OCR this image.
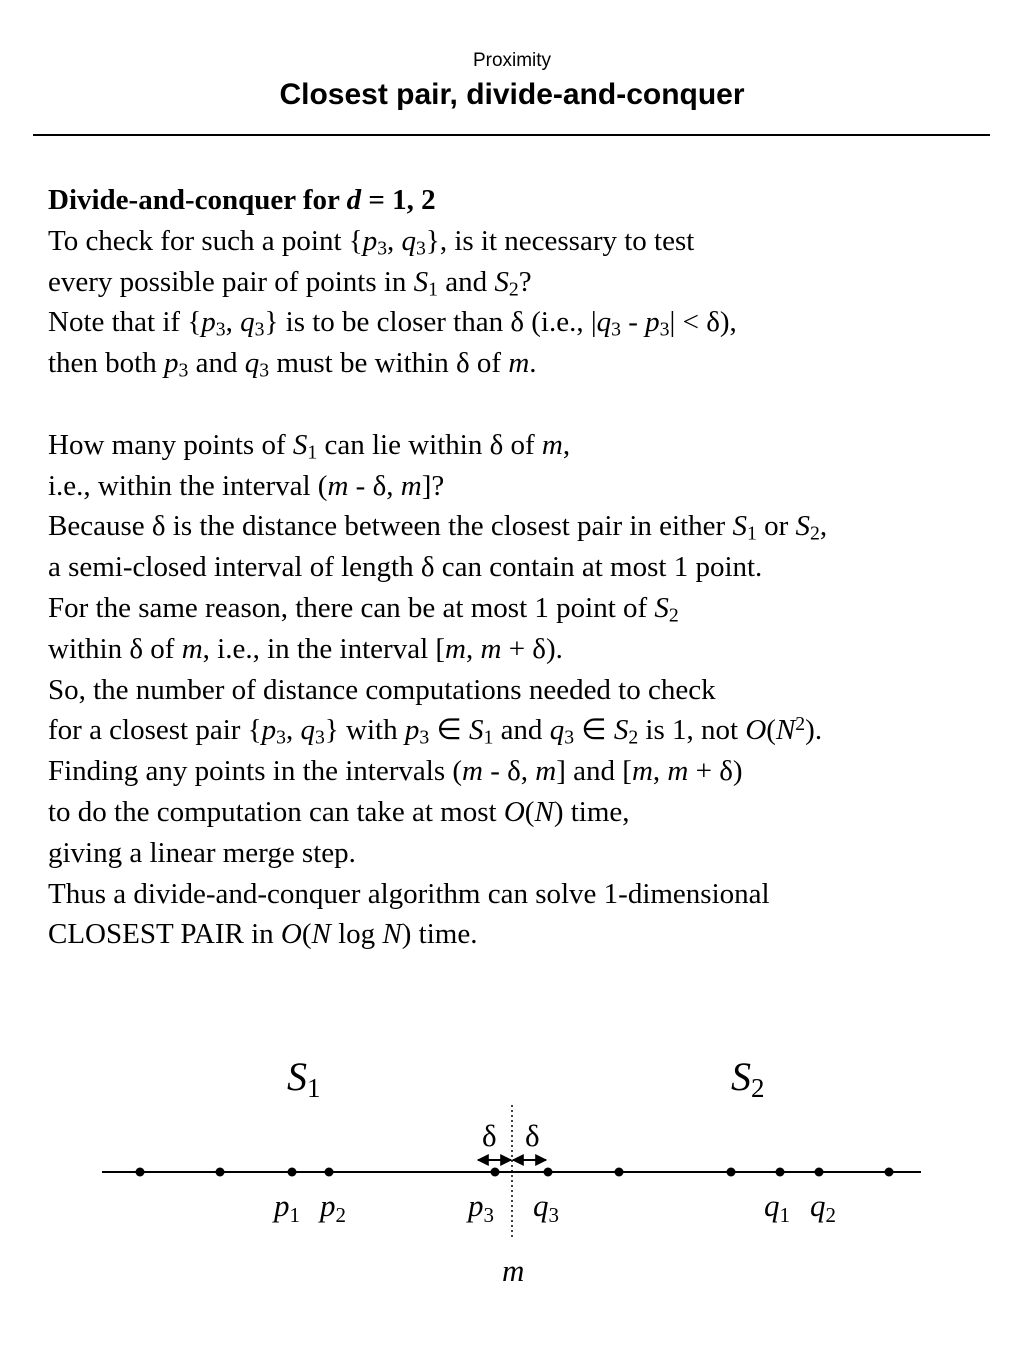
Proximity
Closest pair, divide-and-conquer
Divide-and-conquer for d = 1, 2
To check for such a point {$p_3$, $q_3$}, is it necessary to test
every possible pair of points in $S_1$ and $S_2$?
Note that if {$p_3$, $q_3$} is to be closer than δ (i.e., $|q_3 - p_3| < \delta$),
then both $p_3$ and $q_3$ must be within δ of m.
How many points of $S_1$ can lie within δ of m,
i.e., within the interval (m - δ, m]?
Because δ is the distance between the closest pair in either $S_1$ or $S_2$,
a semi-closed interval of length δ can contain at most 1 point.
For the same reason, there can be at most 1 point of $S_2$
within δ of m, i.e., in the interval [m, m + δ).
So, the number of distance computations needed to check
for a closest pair {$p_3$, $q_3$} with $p_3$ ∈ $S_1$ and $q_3$ ∈ $S_2$ is 1, not $O(N^2)$.
Finding any points in the intervals (m - δ, m] and [m, m + δ)
to do the computation can take at most O(N) time,
giving a linear merge step.
Thus a divide-and-conquer algorithm can solve 1-dimensional
CLOSEST PAIR in O(N log N) time.
S1	S2
δ δ
p1 p2	p3 q3	q1 q2
m
